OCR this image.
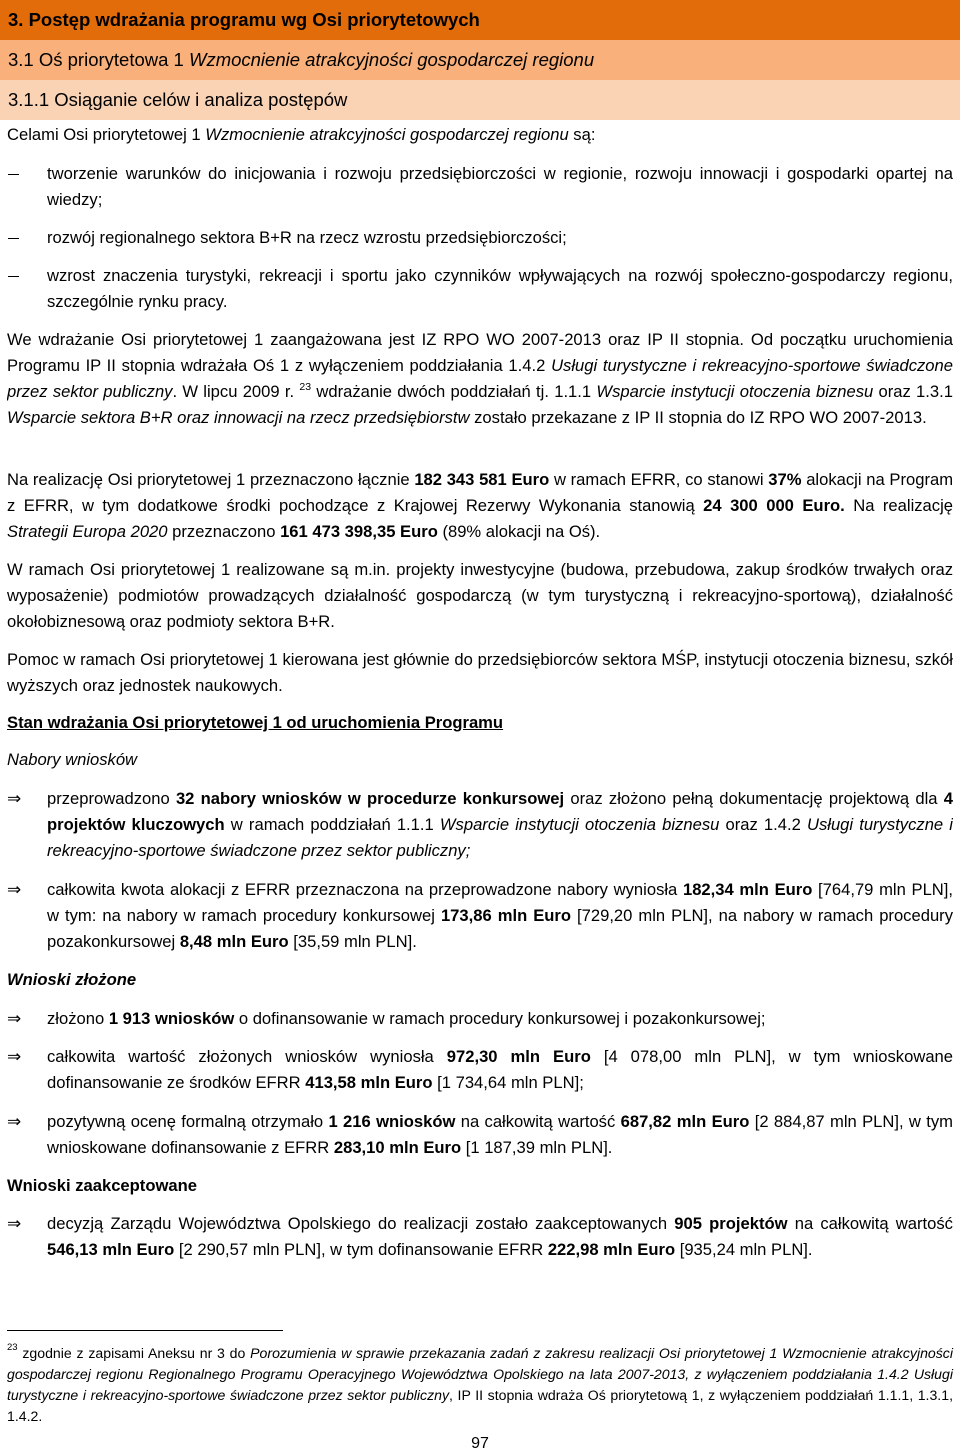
3. Postęp wdrażania programu wg Osi priorytetowych
3.1 Oś priorytetowa 1 Wzmocnienie atrakcyjności gospodarczej regionu
3.1.1 Osiąganie celów i analiza postępów

Celami Osi priorytetowej 1 Wzmocnienie atrakcyjności gospodarczej regionu są:

tworzenie warunków do inicjowania i rozwoju przedsiębiorczości w regionie, rozwoju innowacji i gospodarki opartej na wiedzy;
rozwój regionalnego sektora B+R na rzecz wzrostu przedsiębiorczości;
wzrost znaczenia turystyki, rekreacji i sportu jako czynników wpływających na rozwój społeczno-gospodarczy regionu, szczególnie rynku pracy.

We wdrażanie Osi priorytetowej 1 zaangażowana jest IZ RPO WO 2007-2013 oraz IP II stopnia. Od początku uruchomienia Programu IP II stopnia wdrażała Oś 1 z wyłączeniem poddziałania 1.4.2 Usługi turystyczne i rekreacyjno-sportowe świadczone przez sektor publiczny. W lipcu 2009 r. $^{23}$ wdrażanie dwóch poddziałań tj. 1.1.1 Wsparcie instytucji otoczenia biznesu oraz 1.3.1 Wsparcie sektora B+R oraz innowacji na rzecz przedsiębiorstw zostało przekazane z IP II stopnia do IZ RPO WO 2007-2013.

Na realizację Osi priorytetowej 1 przeznaczono łącznie 182 343 581 Euro w ramach EFRR, co stanowi 37% alokacji na Program z EFRR, w tym dodatkowe środki pochodzące z Krajowej Rezerwy Wykonania stanowią 24 300 000 Euro. Na realizację Strategii Europa 2020 przeznaczono 161 473 398,35 Euro (89% alokacji na Oś).

W ramach Osi priorytetowej 1 realizowane są m.in. projekty inwestycyjne (budowa, przebudowa, zakup środków trwałych oraz wyposażenie) podmiotów prowadzących działalność gospodarczą (w tym turystyczną i rekreacyjno-sportową), działalność okołobiznesową oraz podmioty sektora B+R.

Pomoc w ramach Osi priorytetowej 1 kierowana jest głównie do przedsiębiorców sektora MŚP, instytucji otoczenia biznesu, szkół wyższych oraz jednostek naukowych.

Stan wdrażania Osi priorytetowej 1 od uruchomienia Programu

Nabory wniosków

⇒	przeprowadzono 32 nabory wniosków w procedurze konkursowej oraz złożono pełną dokumentację projektową dla 4 projektów kluczowych w ramach poddziałań 1.1.1 Wsparcie instytucji otoczenia biznesu oraz 1.4.2 Usługi turystyczne i rekreacyjno-sportowe świadczone przez sektor publiczny;
⇒	całkowita kwota alokacji z EFRR przeznaczona na przeprowadzone nabory wyniosła 182,34 mln Euro [764,79 mln PLN], w tym: na nabory w ramach procedury konkursowej 173,86 mln Euro [729,20 mln PLN], na nabory w ramach procedury pozakonkursowej 8,48 mln Euro [35,59 mln PLN].

Wnioski złożone

⇒	złożono 1 913 wniosków o dofinansowanie w ramach procedury konkursowej i pozakonkursowej;
⇒	całkowita wartość złożonych wniosków wyniosła 972,30 mln Euro [4 078,00 mln PLN], w tym wnioskowane dofinansowanie ze środków EFRR 413,58 mln Euro [1 734,64 mln PLN];
⇒	pozytywną ocenę formalną otrzymało 1 216 wniosków na całkowitą wartość 687,82 mln Euro [2 884,87 mln PLN], w tym wnioskowane dofinansowanie z EFRR 283,10 mln Euro [1 187,39 mln PLN].

Wnioski zaakceptowane

⇒	decyzją Zarządu Województwa Opolskiego do realizacji zostało zaakceptowanych 905 projektów na całkowitą wartość 546,13 mln Euro [2 290,57 mln PLN], w tym dofinansowanie EFRR 222,98 mln Euro [935,24 mln PLN].

$^{23}$ zgodnie z zapisami Aneksu nr 3 do Porozumienia w sprawie przekazania zadań z zakresu realizacji Osi priorytetowej 1 Wzmocnienie atrakcyjności gospodarczej regionu Regionalnego Programu Operacyjnego Województwa Opolskiego na lata 2007-2013, z wyłączeniem poddziałania 1.4.2 Usługi turystyczne i rekreacyjno-sportowe świadczone przez sektor publiczny, IP II stopnia wdraża Oś priorytetową 1, z wyłączeniem poddziałań 1.1.1, 1.3.1, 1.4.2.

97
